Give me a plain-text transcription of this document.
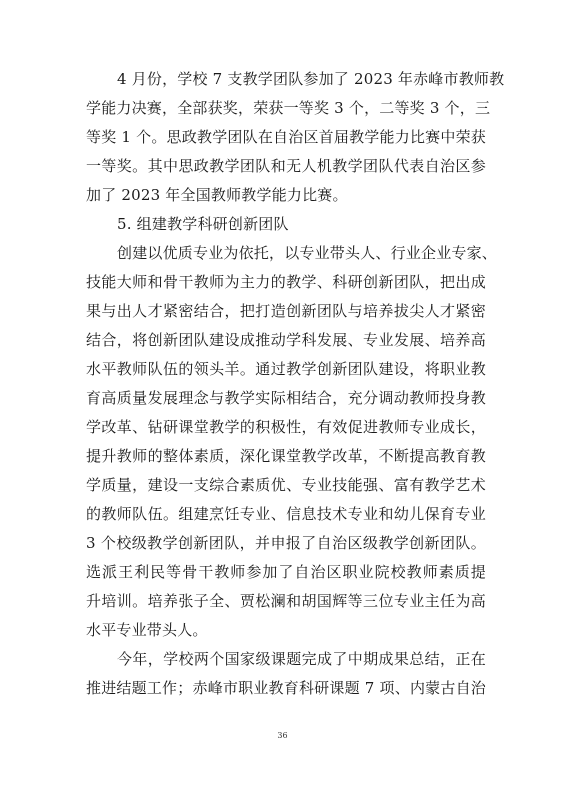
4 月份，学校 7 支教学团队参加了 2023 年赤峰市教师教
学能力决赛，全部获奖，荣获一等奖 3 个，二等奖 3 个，三
等奖 1 个。思政教学团队在自治区首届教学能力比赛中荣获
一等奖。其中思政教学团队和无人机教学团队代表自治区参
加了 2023 年全国教师教学能力比赛。
5. 组建教学科研创新团队
创建以优质专业为依托，以专业带头人、行业企业专家、
技能大师和骨干教师为主力的教学、科研创新团队，把出成
果与出人才紧密结合，把打造创新团队与培养拔尖人才紧密
结合，将创新团队建设成推动学科发展、专业发展、培养高
水平教师队伍的领头羊。通过教学创新团队建设，将职业教
育高质量发展理念与教学实际相结合，充分调动教师投身教
学改革、钻研课堂教学的积极性，有效促进教师专业成长，
提升教师的整体素质，深化课堂教学改革，不断提高教育教
学质量，建设一支综合素质优、专业技能强、富有教学艺术
的教师队伍。组建烹饪专业、信息技术专业和幼儿保育专业
3 个校级教学创新团队，并申报了自治区级教学创新团队。
选派王利民等骨干教师参加了自治区职业院校教师素质提
升培训。培养张子全、贾松澜和胡国辉等三位专业主任为高
水平专业带头人。
今年，学校两个国家级课题完成了中期成果总结，正在
推进结题工作；赤峰市职业教育科研课题 7 项、内蒙古自治
36
